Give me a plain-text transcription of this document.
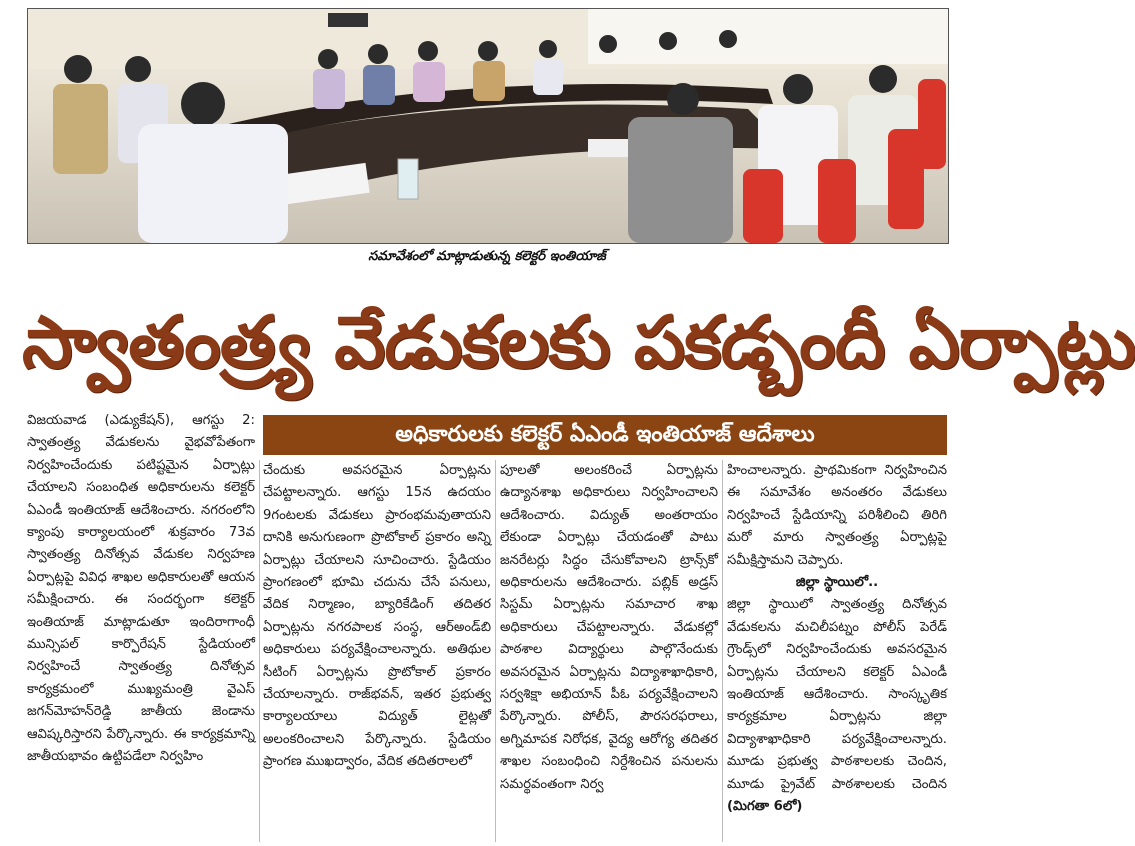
సమావేశంలో మాట్లాడుతున్న కలెక్టర్ ఇంతియాజ్
స్వాతంత్ర్య వేడుకలకు పకడ్బందీ ఏర్పాట్లు
అధికారులకు కలెక్టర్ ఏఎండీ ఇంతియాజ్ ఆదేశాలు

విజయవాడ (ఎడ్యుకేషన్), ఆగస్టు 2: స్వాతంత్ర్య వేడుకలను వైభవోపేతంగా నిర్వహించేందుకు పటిష్టమైన ఏర్పాట్లు చేయాలని సంబంధిత అధికారులను కలెక్టర్ ఏఎండీ ఇంతియాజ్ ఆదేశించారు. నగరంలోని క్యాంపు కార్యాలయంలో శుక్రవారం 73వ స్వాతంత్ర్య దినోత్సవ వేడుకల నిర్వహణ ఏర్పాట్లపై వివిధ శాఖల అధికారులతో ఆయన సమీక్షించారు. ఈ సందర్భంగా కలెక్టర్ ఇంతియాజ్ మాట్లాడుతూ ఇందిరాగాంధీ మున్సిపల్ కార్పొరేషన్ స్టేడియంలో నిర్వహించే స్వాతంత్ర్య దినోత్సవ కార్యక్రమంలో ముఖ్యమంత్రి వైఎస్ జగన్‌మోహన్‌రెడ్డి జాతీయ జెండాను ఆవిష్కరిస్తారని పేర్కొన్నారు. ఈ కార్యక్రమాన్ని జాతీయభావం ఉట్టిపడేలా నిర్వహిం

చేందుకు అవసరమైన ఏర్పాట్లను చేపట్టాలన్నారు. ఆగస్టు 15న ఉదయం 9గంటలకు వేడుకలు ప్రారంభమవుతాయని దానికి అనుగుణంగా ప్రొటోకాల్ ప్రకారం అన్ని ఏర్పాట్లు చేయాలని సూచించారు. స్టేడియం ప్రాంగణంలో భూమి చదును చేసే పనులు, వేదిక నిర్మాణం, బ్యారికేడింగ్ తదితర ఏర్పాట్లను నగరపాలక సంస్థ, ఆర్‌అండ్‌బి అధికారులు పర్యవేక్షించాలన్నారు. అతిథుల సీటింగ్ ఏర్పాట్లను ప్రొటోకాల్ ప్రకారం చేయాలన్నారు. రాజ్‌భవన్, ఇతర ప్రభుత్వ కార్యాలయాలు విద్యుత్ లైట్లతో అలంకరించాలని పేర్కొన్నారు. స్టేడియం ప్రాంగణ ముఖద్వారం, వేదిక తదితరాలలో

పూలతో అలంకరించే ఏర్పాట్లను ఉద్యానశాఖ అధికారులు నిర్వహించాలని ఆదేశించారు. విద్యుత్ అంతరాయం లేకుండా ఏర్పాట్లు చేయడంతో పాటు జనరేటర్లు సిద్ధం చేసుకోవాలని ట్రాన్స్‌కో అధికారులను ఆదేశించారు. పబ్లిక్ అడ్రస్ సిస్టమ్ ఏర్పాట్లను సమాచార శాఖ అధికారులు చేపట్టాలన్నారు. వేడుకల్లో పాఠశాల విద్యార్థులు పాల్గొనేందుకు అవసరమైన ఏర్పాట్లను విద్యాశాఖాధికారి, సర్వశిక్షా అభియాన్ పీఓ పర్యవేక్షించాలని పేర్కొన్నారు. పోలీస్, పౌరసరఫరాలు, అగ్నిమాపక నిరోధక, వైద్య ఆరోగ్య తదితర శాఖల సంబంధించి నిర్దేశించిన పనులను సమర్థవంతంగా నిర్వ

హించాలన్నారు. ప్రాథమికంగా నిర్వహించిన ఈ సమావేశం అనంతరం వేడుకలు నిర్వహించే స్టేడియాన్ని పరిశీలించి తిరిగి మరో మారు స్వాతంత్ర్య ఏర్పాట్లపై సమీక్షిస్తామని చెప్పారు.

జిల్లా స్థాయిలో..

జిల్లా స్థాయిలో స్వాతంత్ర్య దినోత్సవ వేడుకలను మచిలీపట్నం పోలీస్ పెరేడ్ గ్రౌండ్స్‌లో నిర్వహించేందుకు అవసరమైన ఏర్పాట్లను చేయాలని కలెక్టర్ ఏఎండీ ఇంతియాజ్ ఆదేశించారు. సాంస్కృతిక కార్యక్రమాల ఏర్పాట్లను జిల్లా విద్యాశాఖాధికారి పర్యవేక్షించాలన్నారు. మూడు ప్రభుత్వ పాఠశాలలకు చెందిన, మూడు ప్రైవేట్ పాఠశాలలకు చెందిన (మిగతా 6లో)
